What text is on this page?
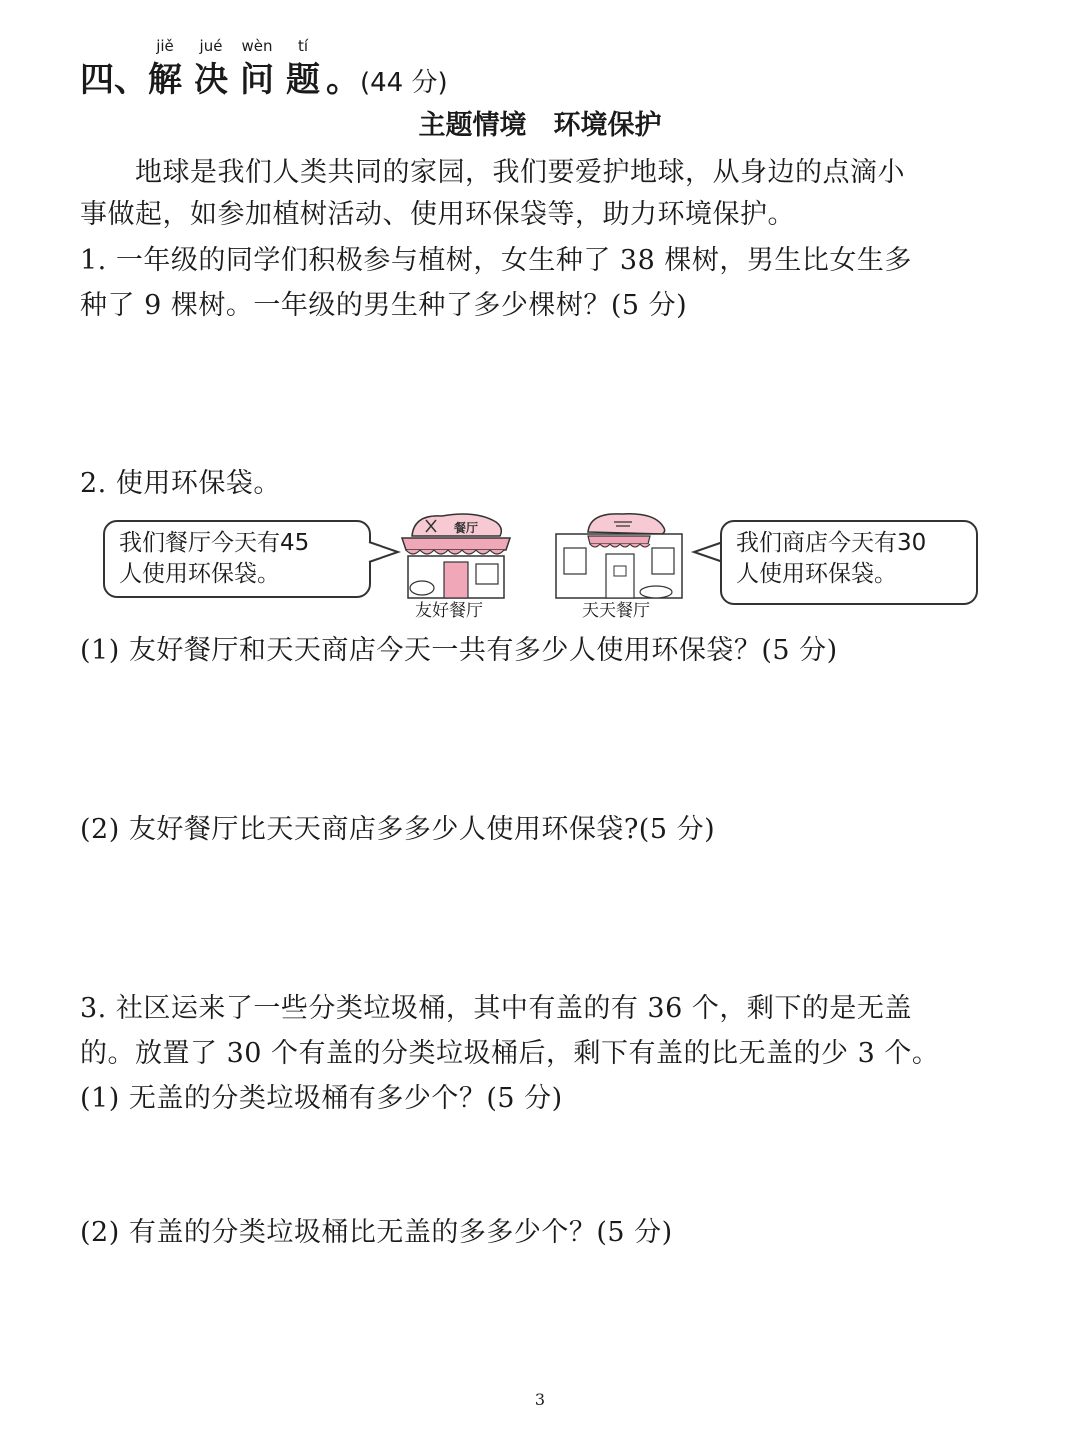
四、
jiě
解
jué
决
wèn
问
tí
题 。(44 分)
主题情境　环境保护
　　地球是我们人类共同的家园，我们要爱护地球，从身边的点滴小
事做起，如参加植树活动、使用环保袋等，助力环境保护。
1. 一年级的同学们积极参与植树，女生种了 38 棵树，男生比女生多
种了 9 棵树。一年级的男生种了多少棵树？(5 分)
2. 使用环保袋。
我们餐厅今天有45
人使用环保袋。
餐厅
友好餐厅	天天餐厅
我们商店今天有30
人使用环保袋。
(1) 友好餐厅和天天商店今天一共有多少人使用环保袋？(5 分)
(2) 友好餐厅比天天商店多多少人使用环保袋?(5 分)
3. 社区运来了一些分类垃圾桶，其中有盖的有 36 个，剩下的是无盖
的。放置了 30 个有盖的分类垃圾桶后，剩下有盖的比无盖的少 3 个。
(1) 无盖的分类垃圾桶有多少个？(5 分)
(2) 有盖的分类垃圾桶比无盖的多多少个？(5 分)
3
